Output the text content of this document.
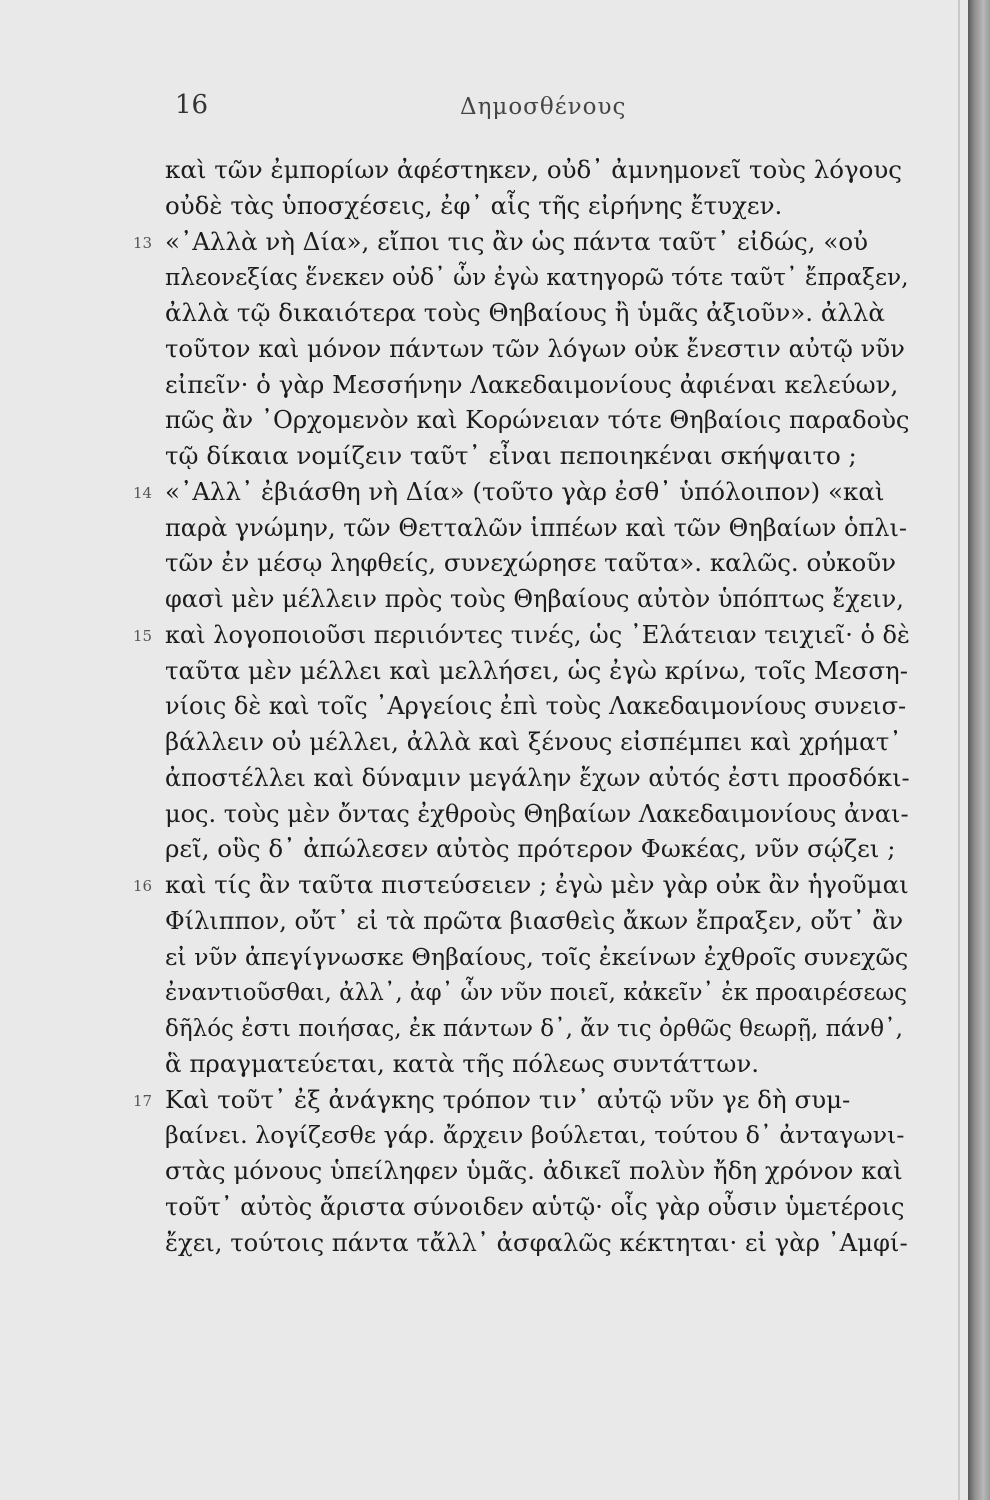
16	Δημοσθένους
καὶ τῶν ἐμπορίων ἀφέστηκεν, οὐδ᾽ ἀμνημονεῖ τοὺς λόγους
οὐδὲ τὰς ὑποσχέσεις, ἐφ᾽ αἷς τῆς εἰρήνης ἔτυχεν.
13 «᾽Αλλὰ νὴ Δία», εἴποι τις ἂν ὡς πάντα ταῦτ᾽ εἰδώς, «οὐ
πλεονεξίας ἕνεκεν οὐδ᾽ ὧν ἐγὼ κατηγορῶ τότε ταῦτ᾽ ἔπραξεν,
ἀλλὰ τῷ δικαιότερα τοὺς Θηβαίους ἢ ὑμᾶς ἀξιοῦν». ἀλλὰ
τοῦτον καὶ μόνον πάντων τῶν λόγων οὐκ ἔνεστιν αὐτῷ νῦν
εἰπεῖν· ὁ γὰρ Μεσσήνην Λακεδαιμονίους ἀφιέναι κελεύων,
πῶς ἂν ᾽Ορχομενὸν καὶ Κορώνειαν τότε Θηβαίοις παραδοὺς
τῷ δίκαια νομίζειν ταῦτ᾽ εἶναι πεποιηκέναι σκήψαιτο ;
14 «᾽Αλλ᾽ ἐβιάσθη νὴ Δία» (τοῦτο γὰρ ἐσθ᾽ ὑπόλοιπον) «καὶ
παρὰ γνώμην, τῶν Θετταλῶν ἱππέων καὶ τῶν Θηβαίων ὁπλι-
τῶν ἐν μέσῳ ληφθείς, συνεχώρησε ταῦτα». καλῶς. οὐκοῦν
φασὶ μὲν μέλλειν πρὸς τοὺς Θηβαίους αὐτὸν ὑπόπτως ἔχειν,
15 καὶ λογοποιοῦσι περιιόντες τινές, ὡς ᾽Ελάτειαν τειχιεῖ· ὁ δὲ
ταῦτα μὲν μέλλει καὶ μελλήσει, ὡς ἐγὼ κρίνω, τοῖς Μεσση-
νίοις δὲ καὶ τοῖς ᾽Αργείοις ἐπὶ τοὺς Λακεδαιμονίους συνεισ-
βάλλειν οὐ μέλλει, ἀλλὰ καὶ ξένους εἰσπέμπει καὶ χρήματ᾽
ἀποστέλλει καὶ δύναμιν μεγάλην ἔχων αὐτός ἐστι προσδόκι-
μος. τοὺς μὲν ὄντας ἐχθροὺς Θηβαίων Λακεδαιμονίους ἀναι-
ρεῖ, οὓς δ᾽ ἀπώλεσεν αὐτὸς πρότερον Φωκέας, νῦν σῴζει ;
16 καὶ τίς ἂν ταῦτα πιστεύσειεν ; ἐγὼ μὲν γὰρ οὐκ ἂν ἡγοῦμαι
Φίλιππον, οὔτ᾽ εἰ τὰ πρῶτα βιασθεὶς ἄκων ἔπραξεν, οὔτ᾽ ἂν
εἰ νῦν ἀπεγίγνωσκε Θηβαίους, τοῖς ἐκείνων ἐχθροῖς συνεχῶς
ἐναντιοῦσθαι, ἀλλ᾽, ἀφ᾽ ὧν νῦν ποιεῖ, κἀκεῖν᾽ ἐκ προαιρέσεως
δῆλός ἐστι ποιήσας, ἐκ πάντων δ᾽, ἄν τις ὀρθῶς θεωρῇ, πάνθ᾽,
ἃ πραγματεύεται, κατὰ τῆς πόλεως συντάττων.
17 Καὶ τοῦτ᾽ ἐξ ἀνάγκης τρόπον τιν᾽ αὐτῷ νῦν γε δὴ συμ-
βαίνει. λογίζεσθε γάρ. ἄρχειν βούλεται, τούτου δ᾽ ἀνταγωνι-
στὰς μόνους ὑπείληφεν ὑμᾶς. ἀδικεῖ πολὺν ἤδη χρόνον καὶ
τοῦτ᾽ αὐτὸς ἄριστα σύνοιδεν αὑτῷ· οἷς γὰρ οὖσιν ὑμετέροις
ἔχει, τούτοις πάντα τἄλλ᾽ ἀσφαλῶς κέκτηται· εἰ γὰρ ᾽Αμφί-
